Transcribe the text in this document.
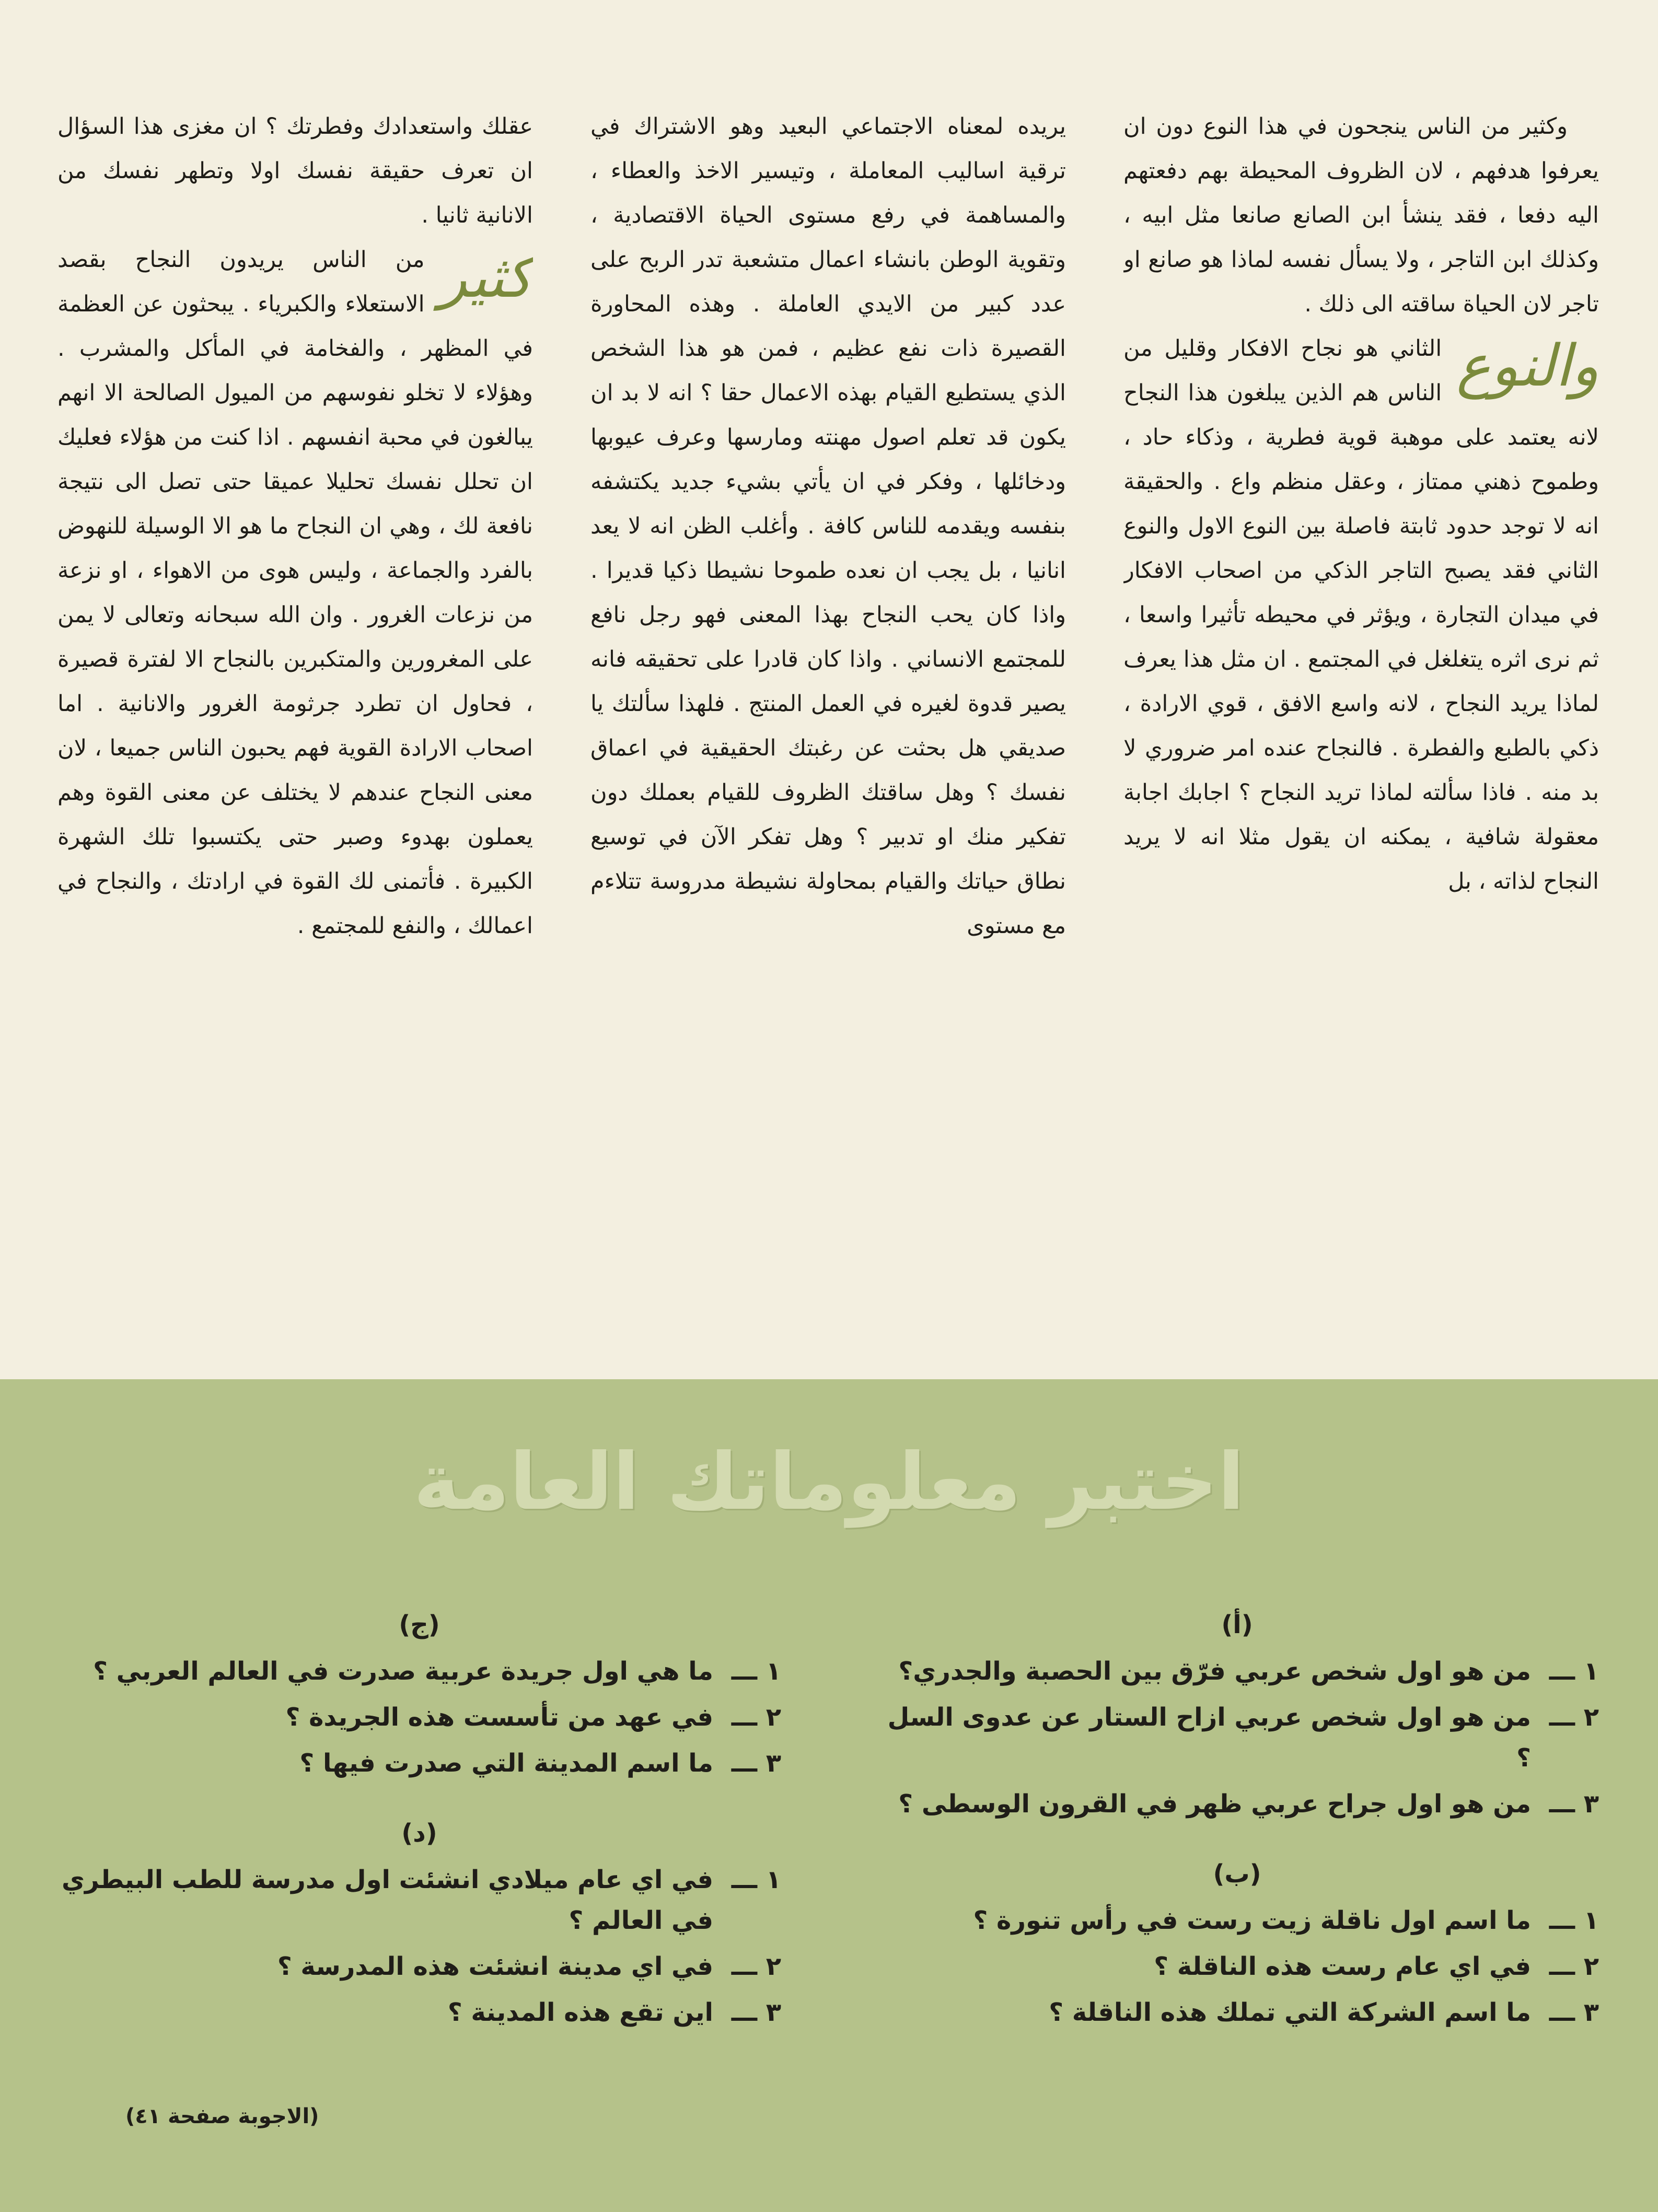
وكثير من الناس ينجحون في هذا النوع دون ان يعرفوا هدفهم ، لان الظروف المحيطة بهم دفعتهم اليه دفعا ، فقد ينشأ ابن الصانع صانعا مثل ابيه ، وكذلك ابن التاجر ، ولا يسأل نفسه لماذا هو صانع او تاجر لان الحياة ساقته الى ذلك .

والنوع
الثاني هو نجاح الافكار وقليل من الناس هم الذين يبلغون هذا النجاح لانه يعتمد على موهبة قوية فطرية ، وذكاء حاد ، وطموح ذهني ممتاز ، وعقل منظم واع . والحقيقة انه لا توجد حدود ثابتة فاصلة بين النوع الاول والنوع الثاني فقد يصبح التاجر الذكي من اصحاب الافكار في ميدان التجارة ، ويؤثر في محيطه تأثيرا واسعا ، ثم نرى اثره يتغلغل في المجتمع . ان مثل هذا يعرف لماذا يريد النجاح ، لانه واسع الافق ، قوي الارادة ، ذكي بالطبع والفطرة . فالنجاح عنده امر ضروري لا بد منه . فاذا سألته لماذا تريد النجاح ؟ اجابك اجابة معقولة شافية ، يمكنه ان يقول مثلا انه لا يريد النجاح لذاته ، بل

يريده لمعناه الاجتماعي البعيد وهو الاشتراك في ترقية اساليب المعاملة ، وتيسير الاخذ والعطاء ، والمساهمة في رفع مستوى الحياة الاقتصادية ، وتقوية الوطن بانشاء اعمال متشعبة تدر الربح على عدد كبير من الايدي العاملة . وهذه المحاورة القصيرة ذات نفع عظيم ، فمن هو هذا الشخص الذي يستطيع القيام بهذه الاعمال حقا ؟ انه لا بد ان يكون قد تعلم اصول مهنته ومارسها وعرف عيوبها ودخائلها ، وفكر في ان يأتي بشيء جديد يكتشفه بنفسه ويقدمه للناس كافة . وأغلب الظن انه لا يعد انانيا ، بل يجب ان نعده طموحا نشيطا ذكيا قديرا . واذا كان يحب النجاح بهذا المعنى فهو رجل نافع للمجتمع الانساني . واذا كان قادرا على تحقيقه فانه يصير قدوة لغيره في العمل المنتج . فلهذا سألتك يا صديقي هل بحثت عن رغبتك الحقيقية في اعماق نفسك ؟ وهل ساقتك الظروف للقيام بعملك دون تفكير منك او تدبير ؟ وهل تفكر الآن في توسيع نطاق حياتك والقيام بمحاولة نشيطة مدروسة تتلاءم مع مستوى

عقلك واستعدادك وفطرتك ؟ ان مغزى هذا السؤال ان تعرف حقيقة نفسك اولا وتطهر نفسك من الانانية ثانيا .

كثير
من الناس يريدون النجاح بقصد الاستعلاء والكبرياء . يبحثون عن العظمة في المظهر ، والفخامة في المأكل والمشرب . وهؤلاء لا تخلو نفوسهم من الميول الصالحة الا انهم يبالغون في محبة انفسهم . اذا كنت من هؤلاء فعليك ان تحلل نفسك تحليلا عميقا حتى تصل الى نتيجة نافعة لك ، وهي ان النجاح ما هو الا الوسيلة للنهوض بالفرد والجماعة ، وليس هوى من الاهواء ، او نزعة من نزعات الغرور . وان الله سبحانه وتعالى لا يمن على المغرورين والمتكبرين بالنجاح الا لفترة قصيرة ، فحاول ان تطرد جرثومة الغرور والانانية . اما اصحاب الارادة القوية فهم يحبون الناس جميعا ، لان معنى النجاح عندهم لا يختلف عن معنى القوة وهم يعملون بهدوء وصبر حتى يكتسبوا تلك الشهرة الكبيرة . فأتمنى لك القوة في ارادتك ، والنجاح في اعمالك ، والنفع للمجتمع .

اختبر معلوماتك العامة
(أ)
١ ـــ
من هو اول شخص عربي فرّق بين الحصبة والجدري؟
٢ ـــ
من هو اول شخص عربي ازاح الستار عن عدوى السل ؟
٣ ـــ
من هو اول جراح عربي ظهر في القرون الوسطى ؟
(ب)
١ ـــ
ما اسم اول ناقلة زيت رست في رأس تنورة ؟
٢ ـــ
في اي عام رست هذه الناقلة ؟
٣ ـــ
ما اسم الشركة التي تملك هذه الناقلة ؟
(ج)
١ ـــ
ما هي اول جريدة عربية صدرت في العالم العربي ؟
٢ ـــ
في عهد من تأسست هذه الجريدة ؟
٣ ـــ
ما اسم المدينة التي صدرت فيها ؟
(د)
١ ـــ
في اي عام ميلادي انشئت اول مدرسة للطب البيطري في العالم ؟
٢ ـــ
في اي مدينة انشئت هذه المدرسة ؟
٣ ـــ
اين تقع هذه المدينة ؟
(الاجوبة صفحة ٤١)
